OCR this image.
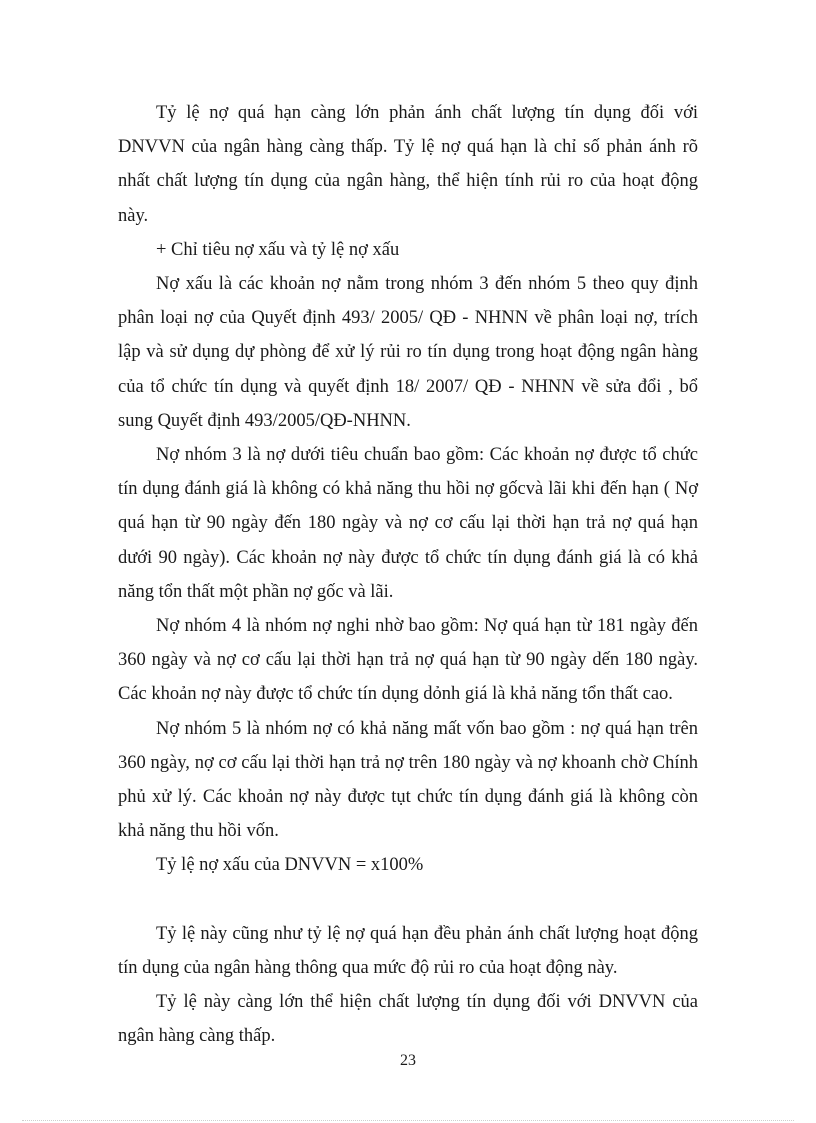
Tỷ lệ nợ quá hạn càng lớn phản ánh chất lượng tín dụng đối với DNVVN của ngân hàng càng thấp. Tỷ lệ nợ quá hạn là chỉ số phản ánh rõ nhất chất lượng tín dụng của ngân hàng, thể hiện tính rủi ro của hoạt động này.

+ Chỉ tiêu nợ xấu và tỷ lệ nợ xấu

Nợ xấu là các khoản nợ nằm trong nhóm 3 đến nhóm 5 theo quy định phân loại nợ của Quyết định 493/ 2005/ QĐ - NHNN về phân loại nợ, trích lập và sử dụng dự phòng để xử lý rủi ro tín dụng trong hoạt động ngân hàng của tổ chức tín dụng và quyết định 18/ 2007/ QĐ - NHNN về sửa đổi , bổ sung Quyết định 493/2005/QĐ-NHNN.

Nợ nhóm 3 là nợ dưới tiêu chuẩn bao gồm: Các khoản nợ được tổ chức tín dụng đánh giá là không có khả năng thu hồi nợ gốcvà lãi khi đến hạn ( Nợ quá hạn từ 90 ngày đến 180 ngày và nợ cơ cấu lại thời hạn trả nợ quá hạn dưới 90 ngày). Các khoản nợ này được tổ chức tín dụng đánh giá là có khả năng tổn thất một phần nợ gốc và lãi.

Nợ nhóm 4 là nhóm nợ nghi nhờ bao gồm: Nợ quá hạn từ 181 ngày đến 360 ngày và nợ cơ cấu lại thời hạn trả nợ quá hạn từ 90 ngày dến 180 ngày. Các khoản nợ này được tổ chức tín dụng dỏnh giá là khả năng tổn thất cao.

Nợ nhóm 5 là nhóm nợ có khả năng mất vốn bao gồm : nợ quá hạn trên 360 ngày, nợ cơ cấu lại thời hạn trả nợ trên 180 ngày và nợ khoanh chờ Chính phủ xử lý. Các khoản nợ này được tụt chức tín dụng đánh giá là không còn khả năng thu hồi vốn.

Tỷ lệ nợ xấu của DNVVN = x100%

Tỷ lệ này cũng như tỷ lệ nợ quá hạn đều phản ánh chất lượng hoạt động tín dụng của ngân hàng thông qua mức độ rủi ro của hoạt động này.

Tỷ lệ này càng lớn thể hiện chất lượng tín dụng đối với DNVVN của ngân hàng càng thấp.

23
